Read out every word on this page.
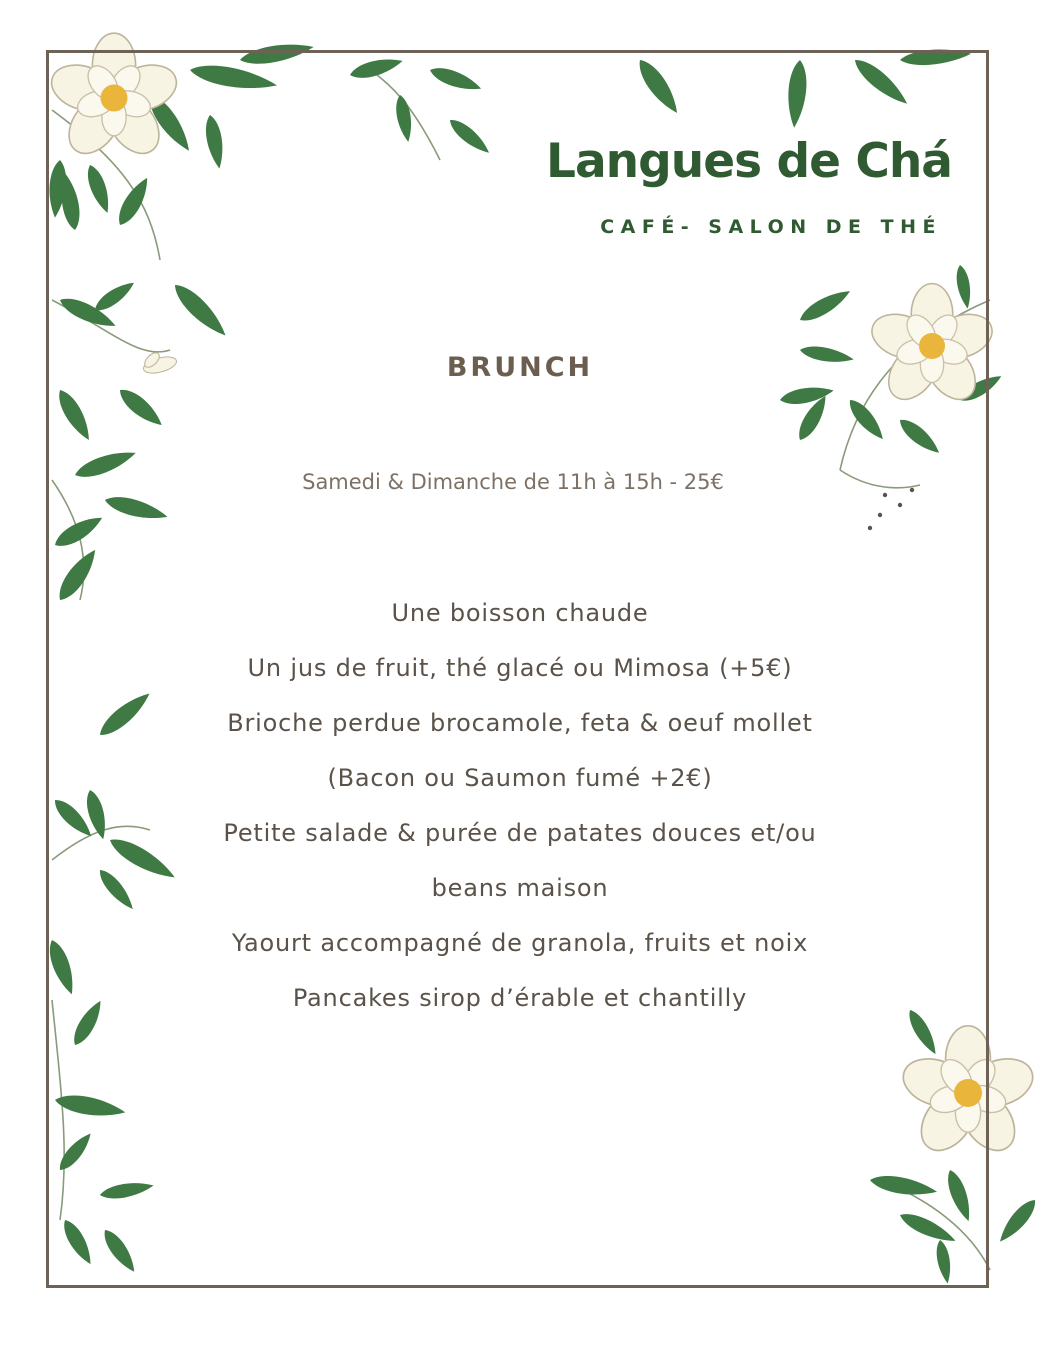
Langues de Chá
CAFÉ- SALON DE THÉ
BRUNCH
Samedi & Dimanche de 11h à 15h - 25€
Une boisson chaude
Un jus de fruit, thé glacé ou Mimosa (+5€)
Brioche perdue brocamole, feta & oeuf mollet
(Bacon ou Saumon fumé +2€)
Petite salade & purée de patates douces et/ou
beans maison
Yaourt accompagné de granola, fruits et noix
Pancakes sirop d’érable et chantilly
